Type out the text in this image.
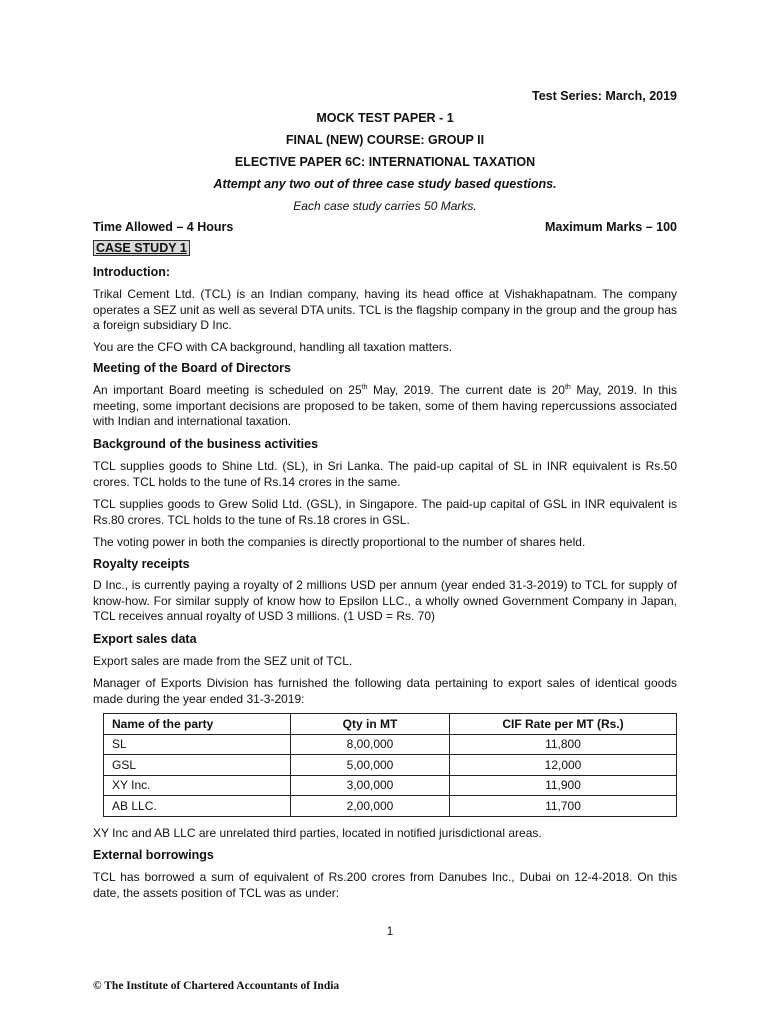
Test Series: March, 2019
MOCK TEST PAPER - 1
FINAL (NEW) COURSE: GROUP II
ELECTIVE PAPER 6C: INTERNATIONAL TAXATION
Attempt any two out of three case study based questions.
Each case study carries 50 Marks.
Time Allowed – 4 Hours	Maximum Marks – 100
CASE STUDY 1
Introduction:
Trikal Cement Ltd. (TCL) is an Indian company, having its head office at Vishakhapatnam. The company operates a SEZ unit as well as several DTA units. TCL is the flagship company in the group and the group has a foreign subsidiary D Inc.
You are the CFO with CA background, handling all taxation matters.
Meeting of the Board of Directors
An important Board meeting is scheduled on 25th May, 2019. The current date is 20th May, 2019. In this meeting, some important decisions are proposed to be taken, some of them having repercussions associated with Indian and international taxation.
Background of the business activities
TCL supplies goods to Shine Ltd. (SL), in Sri Lanka. The paid-up capital of SL in INR equivalent is Rs.50 crores. TCL holds to the tune of Rs.14 crores in the same.
TCL supplies goods to Grew Solid Ltd. (GSL), in Singapore. The paid-up capital of GSL in INR equivalent is Rs.80 crores. TCL holds to the tune of Rs.18 crores in GSL.
The voting power in both the companies is directly proportional to the number of shares held.
Royalty receipts
D Inc., is currently paying a royalty of 2 millions USD per annum (year ended 31-3-2019) to TCL for supply of know-how. For similar supply of know how to Epsilon LLC., a wholly owned Government Company in Japan, TCL receives annual royalty of USD 3 millions. (1 USD = Rs. 70)
Export sales data
Export sales are made from the SEZ unit of TCL.
Manager of Exports Division has furnished the following data pertaining to export sales of identical goods made during the year ended 31-3-2019:
Name of the party	Qty in MT	CIF Rate per MT (Rs.)
SL	8,00,000	11,800
GSL	5,00,000	12,000
XY Inc.	3,00,000	11,900
AB LLC.	2,00,000	11,700
XY Inc and AB LLC are unrelated third parties, located in notified jurisdictional areas.
External borrowings
TCL has borrowed a sum of equivalent of Rs.200 crores from Danubes Inc., Dubai on 12-4-2018. On this date, the assets position of TCL was as under:
1
© The Institute of Chartered Accountants of India
